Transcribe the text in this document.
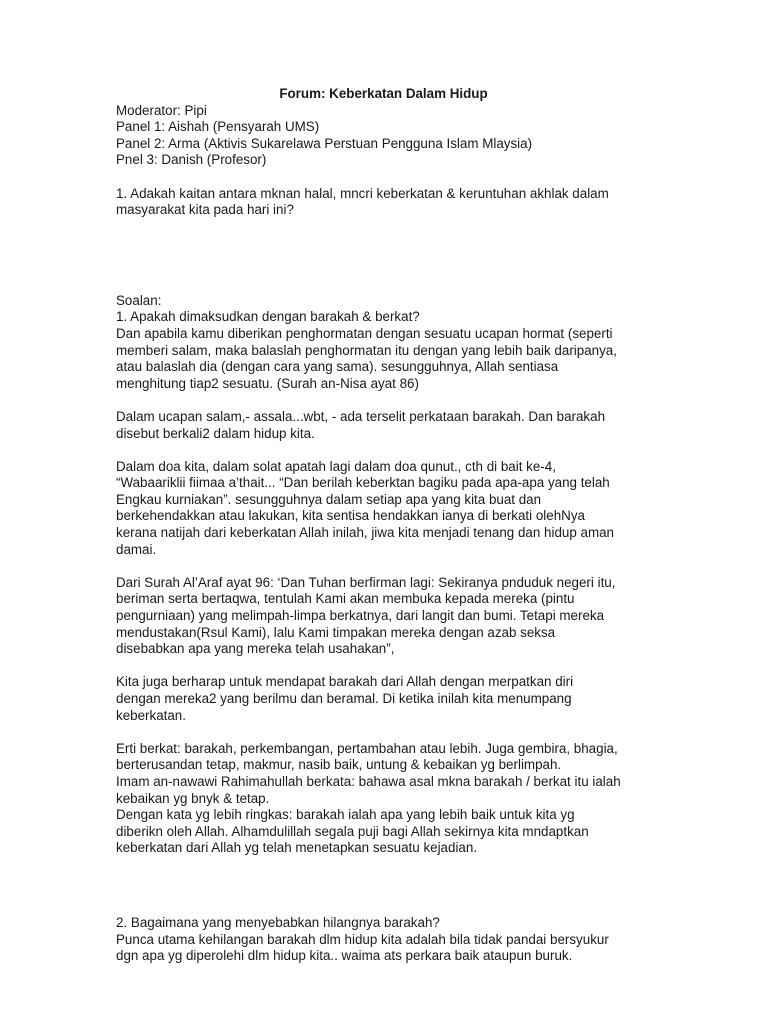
Forum: Keberkatan Dalam Hidup

Moderator: Pipi

Panel 1: Aishah (Pensyarah UMS)

Panel 2: Arma (Aktivis Sukarelawa Perstuan Pengguna Islam Mlaysia)

Pnel 3: Danish (Profesor)

1. Adakah kaitan antara mknan halal, mncri keberkatan & keruntuhan akhlak dalam

masyarakat kita pada hari ini?

Soalan:

1. Apakah dimaksudkan dengan barakah & berkat?

Dan apabila kamu diberikan penghormatan dengan sesuatu ucapan hormat (seperti

memberi salam, maka balaslah penghormatan itu dengan yang lebih baik daripanya,

atau balaslah dia (dengan cara yang sama). sesungguhnya, Allah sentiasa

menghitung tiap2 sesuatu. (Surah an-Nisa ayat 86)

Dalam ucapan salam,- assala...wbt, - ada terselit perkataan barakah. Dan barakah

disebut berkali2 dalam hidup kita.

Dalam doa kita, dalam solat apatah lagi dalam doa qunut., cth di bait ke-4,

“Wabaariklii fiimaa a’thait... “Dan berilah keberktan bagiku pada apa-apa yang telah

Engkau kurniakan”. sesungguhnya dalam setiap apa yang kita buat dan

berkehendakkan atau lakukan, kita sentisa hendakkan ianya di berkati olehNya

kerana natijah dari keberkatan Allah inilah, jiwa kita menjadi tenang dan hidup aman

damai.

Dari Surah Al’Araf ayat 96: ‘Dan Tuhan berfirman lagi: Sekiranya pnduduk negeri itu,

beriman serta bertaqwa, tentulah Kami akan membuka kepada mereka (pintu

pengurniaan) yang melimpah-limpa berkatnya, dari langit dan bumi. Tetapi mereka

mendustakan(Rsul Kami), lalu Kami timpakan mereka dengan azab seksa

disebabkan apa yang mereka telah usahakan”,

Kita juga berharap untuk mendapat barakah dari Allah dengan merpatkan diri

dengan mereka2 yang berilmu dan beramal. Di ketika inilah kita menumpang

keberkatan.

Erti berkat: barakah, perkembangan, pertambahan atau lebih. Juga gembira, bhagia,

berterusandan tetap, makmur, nasib baik, untung & kebaikan yg berlimpah.

Imam an-nawawi Rahimahullah berkata: bahawa asal mkna barakah / berkat itu ialah

kebaikan yg bnyk & tetap.

Dengan kata yg lebih ringkas: barakah ialah apa yang lebih baik untuk kita yg

diberikn oleh Allah. Alhamdulillah segala puji bagi Allah sekirnya kita mndaptkan

keberkatan dari Allah yg telah menetapkan sesuatu kejadian.

2. Bagaimana yang menyebabkan hilangnya barakah?

Punca utama kehilangan barakah dlm hidup kita adalah bila tidak pandai bersyukur

dgn apa yg diperolehi dlm hidup kita.. waima ats perkara baik ataupun buruk.
